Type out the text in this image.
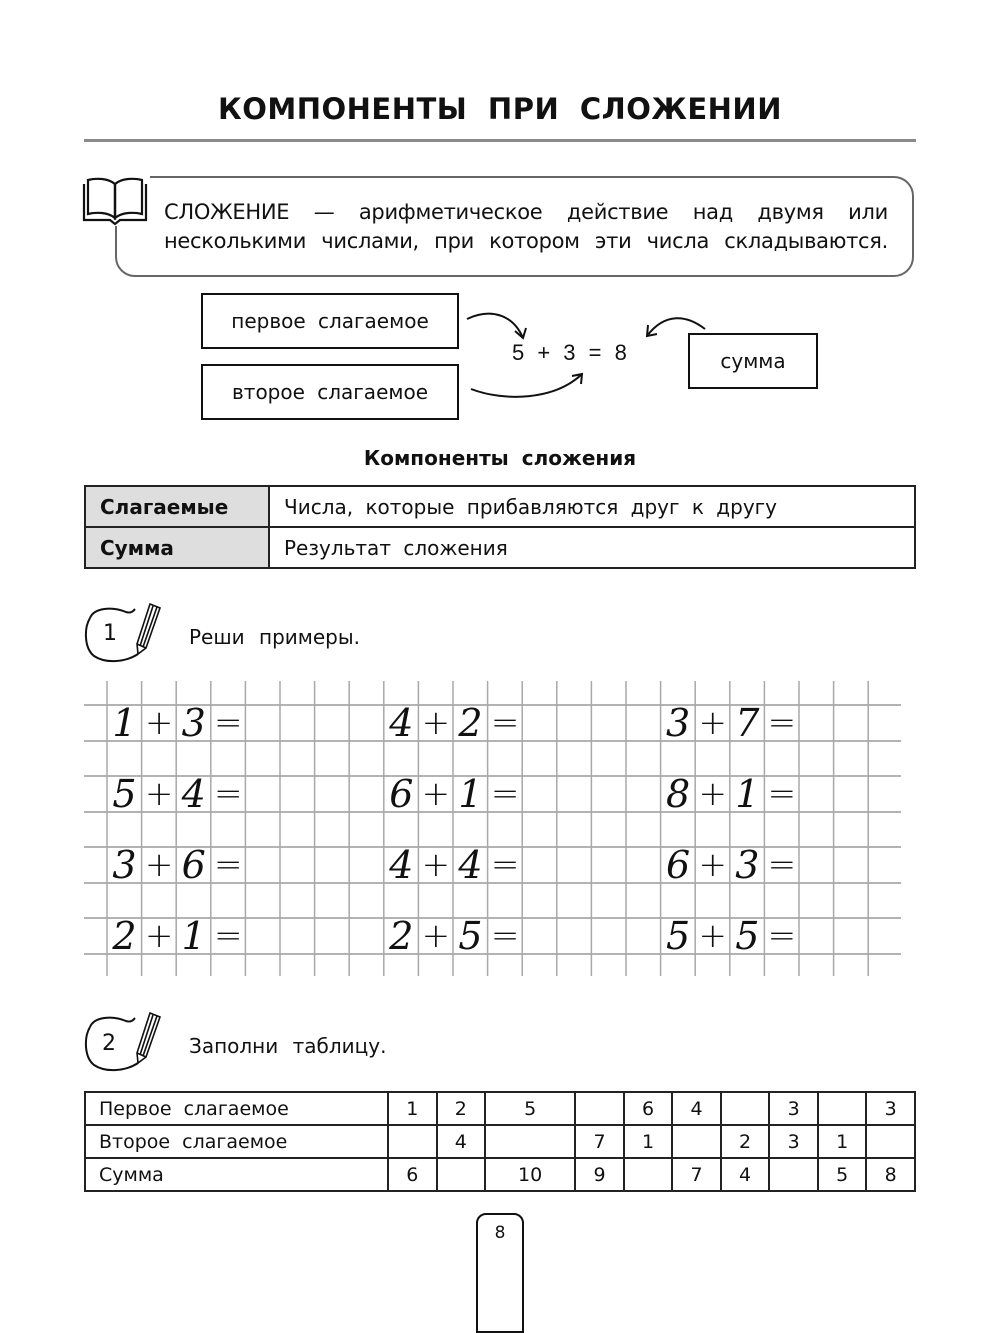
КОМПОНЕНТЫ ПРИ СЛОЖЕНИИ
СЛОЖЕНИЕ — арифметическое действие над двумя или несколькими числами, при котором эти числа складываются.
первое слагаемое
второе слагаемое
сумма
5 + 3 = 8
Компоненты сложения
Слагаемые	Числа, которые прибавляются друг к другу
Сумма	Результат сложения
1	Реши примеры.
1 + 3 =	4 + 2 =	3 + 7 =
5 + 4 =	6 + 1 =	8 + 1 =
3 + 6 =	4 + 4 =	6 + 3 =
2 + 1 =	2 + 5 =	5 + 5 =
2	Заполни таблицу.
Первое слагаемое	1	2	5		6	4		3		3
Второе слагаемое		4		7	1		2	3	1	
Сумма	6		10	9		7	4		5	8
8
